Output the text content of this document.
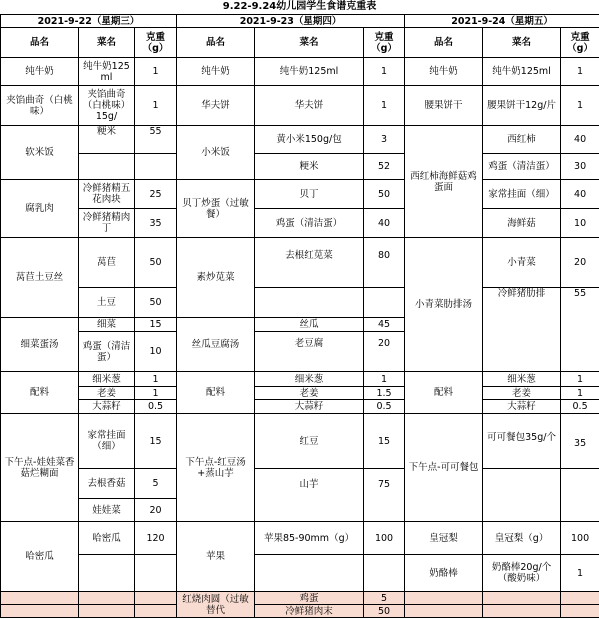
9.22-9.24幼儿园学生食谱克重表
2021-9-22（星期三）			2021-9-23（星期四）			2021-9-24（星期五）		
品名	菜名	克重（g）	品名	菜名	克重（g）	品名	菜名	克重（g）
纯牛奶	纯牛奶125ml	1	纯牛奶	纯牛奶125ml	1	纯牛奶	纯牛奶125ml	1
夹馅曲奇（白桃味）	夹馅曲奇（白桃味）15g/	1	华夫饼	华夫饼	1	腰果饼干	腰果饼干12g/片	1
软米饭	粳米	55	小米饭	黄小米150g/包	3	西红柿海鲜菇鸡蛋面	西红柿	40
				粳米	52		鸡蛋（清洁蛋）	30
腐乳肉	冷鲜猪精五花肉块	25	贝丁炒蛋（过敏餐）	贝丁	50		家常挂面（细）	40
	冷鲜猪精肉丁	35		鸡蛋（清洁蛋）	40		海鲜菇	10
莴苣土豆丝	莴苣	50	素炒苋菜	去根红苋菜	80	小青菜肋排汤	小青菜	20
	土豆	50					冷鲜猪肋排	55
细菜蛋汤	细菜	15	丝瓜豆腐汤	丝瓜	45			
	鸡蛋（清洁蛋）	10		老豆腐	20			
配料	细米葱	1	配料	细米葱	1	配料	细米葱	1
	老姜	1		老姜	1.5		老姜	1
	大蒜籽	0.5		大蒜籽	0.5		大蒜籽	0.5
下午点-娃娃菜香菇烂糊面	家常挂面（细）	15	下午点-红豆汤+蒸山芋	红豆	15	下午点-可可餐包	可可餐包35g/个	35
	去根香菇	5		山芋	75			
	娃娃菜	20						
哈密瓜	哈密瓜	120	苹果	苹果85-90mm（g）	100	皇冠梨	皇冠梨（g）	100
						奶酪棒	奶酪棒20g/个（酸奶味）	1
			红烧肉圆（过敏替代	鸡蛋	5			
				冷鲜猪肉末	50			
